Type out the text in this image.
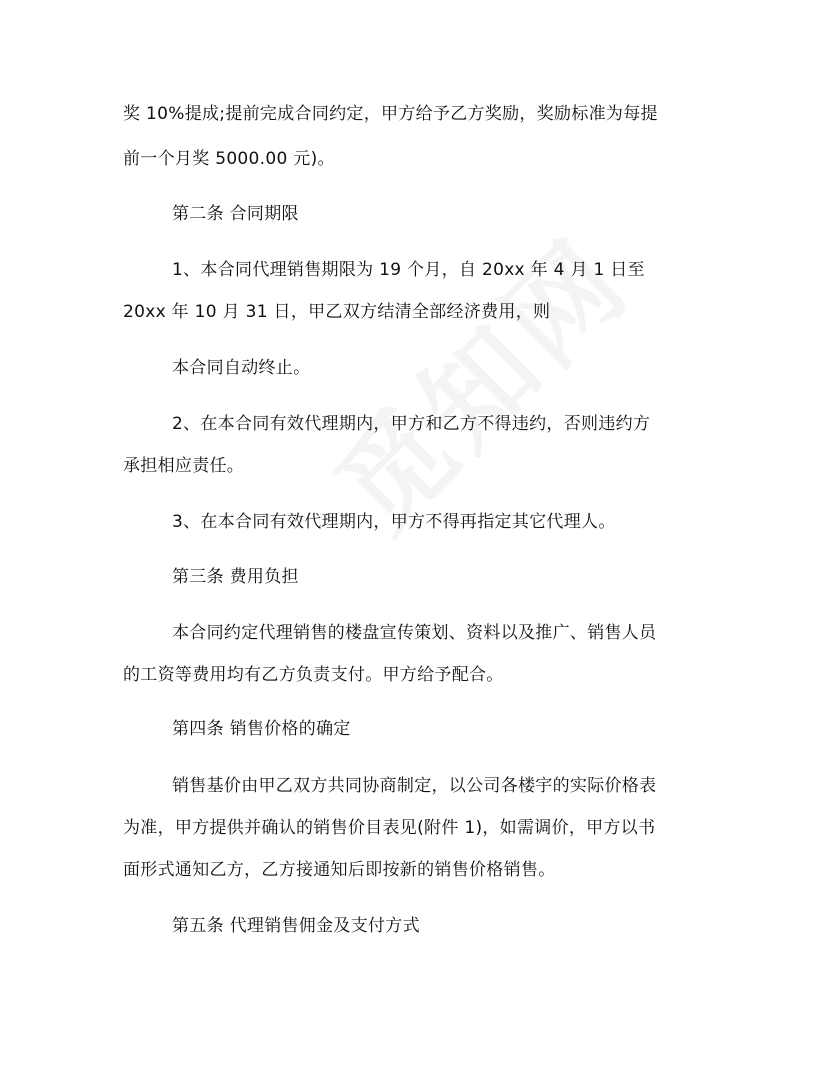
奖 10%提成;提前完成合同约定，甲方给予乙方奖励，奖励标准为每提
前一个月奖 5000.00 元)。
第二条 合同期限
1、本合同代理销售期限为 19 个月，自 20xx 年 4 月 1 日至
20xx 年 10 月 31 日，甲乙双方结清全部经济费用，则
本合同自动终止。
2、在本合同有效代理期内，甲方和乙方不得违约，否则违约方
承担相应责任。
3、在本合同有效代理期内，甲方不得再指定其它代理人。
第三条 费用负担
本合同约定代理销售的楼盘宣传策划、资料以及推广、销售人员
的工资等费用均有乙方负责支付。甲方给予配合。
第四条 销售价格的确定
销售基价由甲乙双方共同协商制定，以公司各楼宇的实际价格表
为准，甲方提供并确认的销售价目表见(附件 1)，如需调价，甲方以书
面形式通知乙方，乙方接通知后即按新的销售价格销售。
第五条 代理销售佣金及支付方式
